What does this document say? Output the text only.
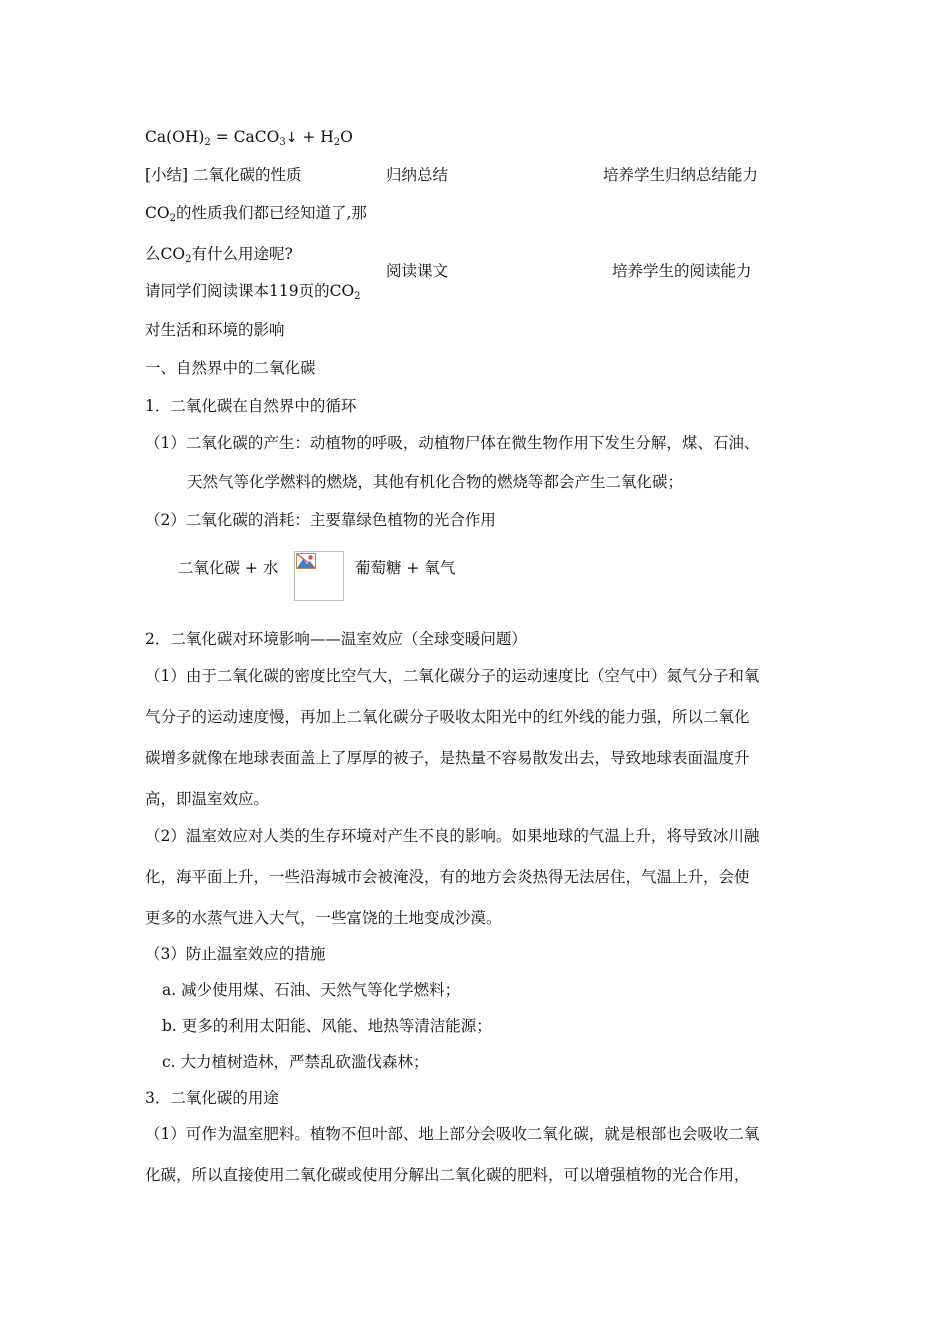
$Ca(OH)_2$ = CaCO$_3$↓ + $H_2O$
[小结] 二氧化碳的性质	归纳总结	培养学生归纳总结能力
$CO_2$的性质我们都已经知道了,那
么$CO_2$有什么用途呢?
阅读课文	培养学生的阅读能力
请同学们阅读课本119页的$CO_2$
对生活和环境的影响
一、自然界中的二氧化碳
1．二氧化碳在自然界中的循环
（1）二氧化碳的产生：动植物的呼吸，动植物尸体在微生物作用下发生分解，煤、石油、
天然气等化学燃料的燃烧，其他有机化合物的燃烧等都会产生二氧化碳；
（2）二氧化碳的消耗：主要靠绿色植物的光合作用
二氧化碳 + 水	葡萄糖 + 氧气
2．二氧化碳对环境影响——温室效应（全球变暖问题）
（1）由于二氧化碳的密度比空气大，二氧化碳分子的运动速度比（空气中）氮气分子和氧
气分子的运动速度慢，再加上二氧化碳分子吸收太阳光中的红外线的能力强，所以二氧化
碳增多就像在地球表面盖上了厚厚的被子，是热量不容易散发出去，导致地球表面温度升
高，即温室效应。
（2）温室效应对人类的生存环境对产生不良的影响。如果地球的气温上升，将导致冰川融
化，海平面上升，一些沿海城市会被淹没，有的地方会炎热得无法居住，气温上升，会使
更多的水蒸气进入大气，一些富饶的土地变成沙漠。
（3）防止温室效应的措施
a. 减少使用煤、石油、天然气等化学燃料；
b. 更多的利用太阳能、风能、地热等清洁能源；
c. 大力植树造林，严禁乱砍滥伐森林；
3．二氧化碳的用途
（1）可作为温室肥料。植物不但叶部、地上部分会吸收二氧化碳，就是根部也会吸收二氧
化碳，所以直接使用二氧化碳或使用分解出二氧化碳的肥料，可以增强植物的光合作用，
